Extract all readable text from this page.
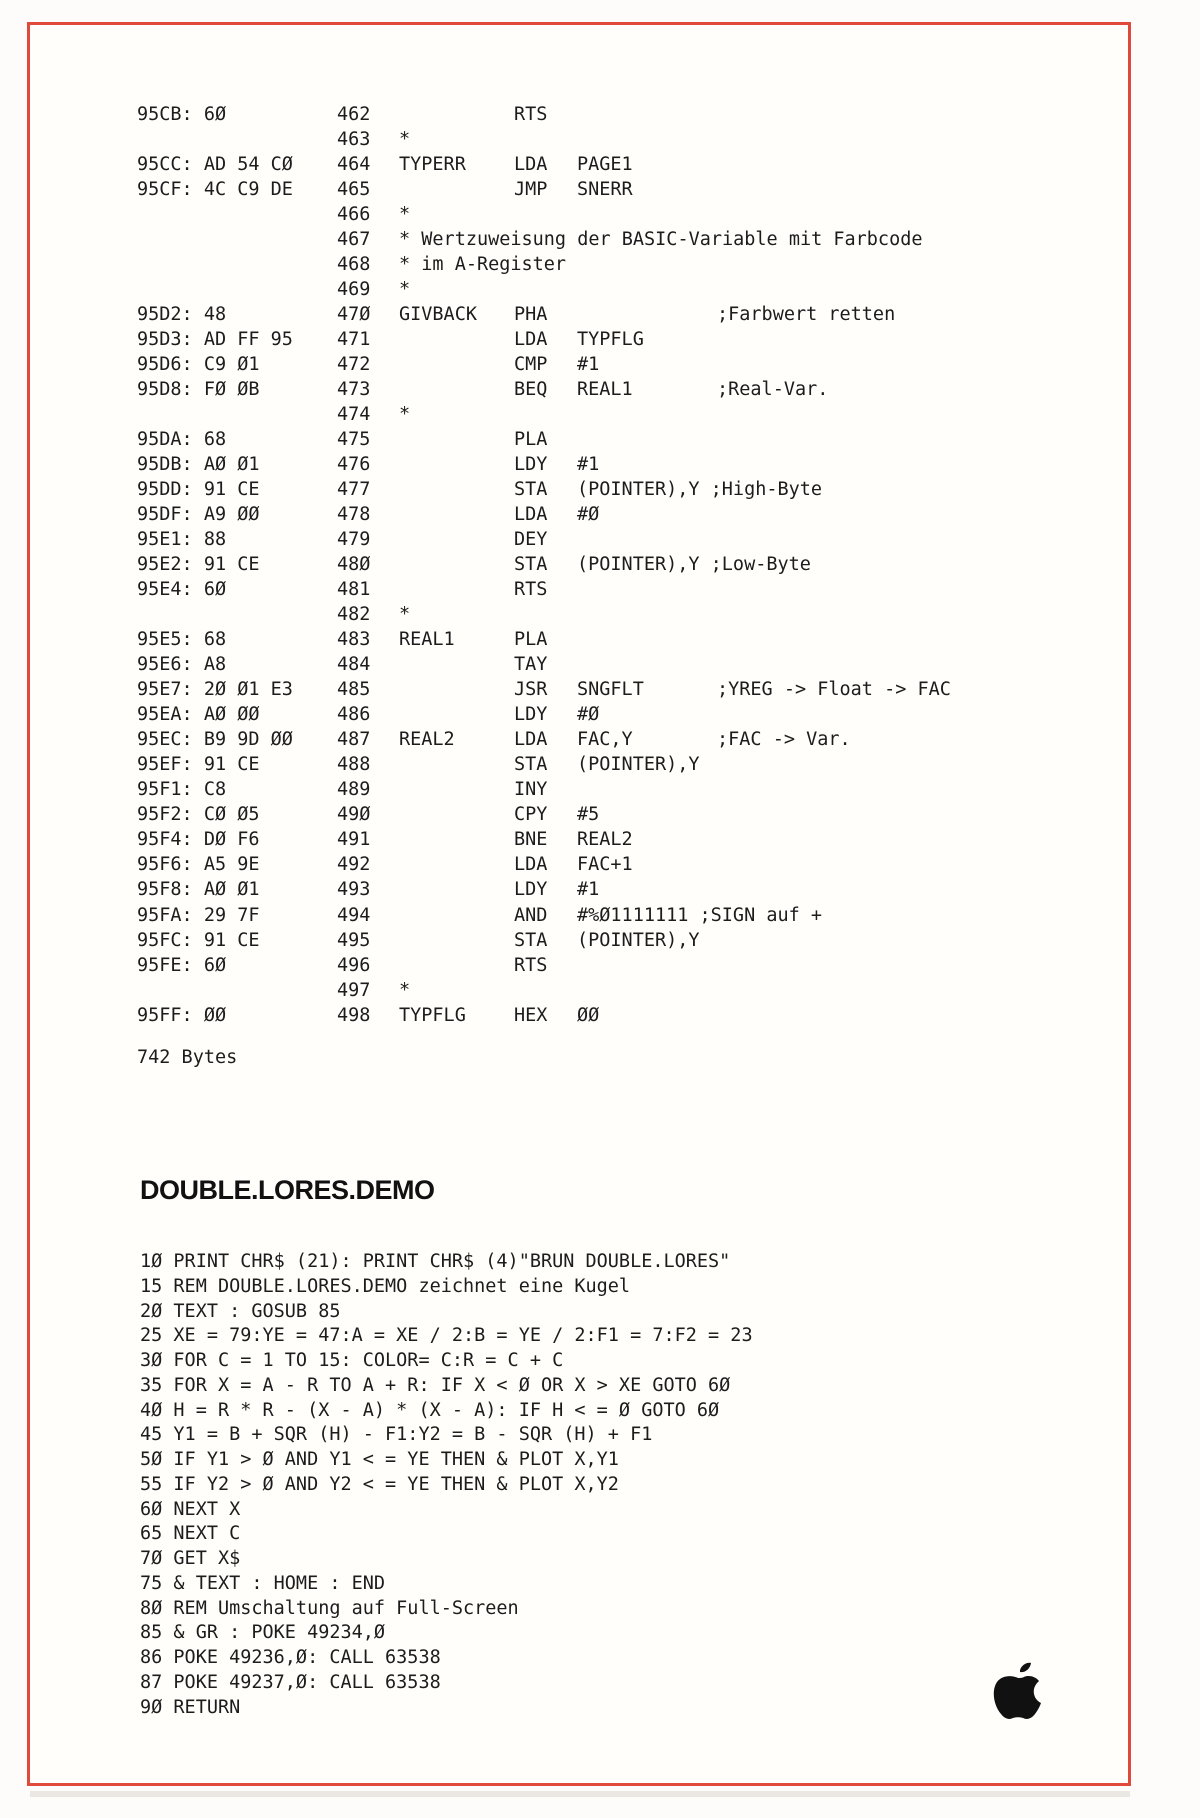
95CB: 6Ø	462	RTS
463 *
95CC: AD 54 CØ 464 TYPERR	LDA PAGE1
95CF: 4C C9 DE 465	JMP SNERR
466 *
467 * Wertzuweisung der BASIC-Variable mit Farbcode
468 * im A-Register
469 *
95D2: 48	47Ø GIVBACK PHA	;Farbwert retten
95D3: AD FF 95 471	LDA TYPFLG
95D6: C9 Ø1	472	CMP #1
95D8: FØ ØB	473	BEQ REAL1	;Real-Var.
474 *
95DA: 68	475	PLA
95DB: AØ Ø1	476	LDY #1
95DD: 91 CE	477	STA (POINTER),Y ;High-Byte
95DF: A9 ØØ	478	LDA #Ø
95E1: 88	479	DEY
95E2: 91 CE	48Ø	STA (POINTER),Y ;Low-Byte
95E4: 6Ø	481	RTS
482 *
95E5: 68	483 REAL1	PLA
95E6: A8	484	TAY
95E7: 2Ø Ø1 E3 485	JSR SNGFLT	;YREG -> Float -> FAC
95EA: AØ ØØ	486	LDY #Ø
95EC: B9 9D ØØ 487 REAL2	LDA FAC,Y	;FAC -> Var.
95EF: 91 CE	488	STA (POINTER),Y
95F1: C8	489	INY
95F2: CØ Ø5	49Ø	CPY #5
95F4: DØ F6	491	BNE REAL2
95F6: A5 9E	492	LDA FAC+1
95F8: AØ Ø1	493	LDY #1
95FA: 29 7F	494	AND #%Ø1111111 ;SIGN auf +
95FC: 91 CE	495	STA (POINTER),Y
95FE: 6Ø	496	RTS
497 *
95FF: ØØ	498 TYPFLG	HEX ØØ
742 Bytes
DOUBLE.LORES.DEMO
1Ø PRINT CHR$ (21): PRINT CHR$ (4)"BRUN DOUBLE.LORES"
15 REM DOUBLE.LORES.DEMO zeichnet eine Kugel
2Ø TEXT : GOSUB 85
25 XE = 79:YE = 47:A = XE / 2:B = YE / 2:F1 = 7:F2 = 23
3Ø FOR C = 1 TO 15: COLOR= C:R = C + C
35 FOR X = A - R TO A + R: IF X < Ø OR X > XE GOTO 6Ø
4Ø H = R * R - (X - A) * (X - A): IF H < = Ø GOTO 6Ø
45 Y1 = B + SQR (H) - F1:Y2 = B - SQR (H) + F1
5Ø IF Y1 > Ø AND Y1 < = YE THEN & PLOT X,Y1
55 IF Y2 > Ø AND Y2 < = YE THEN & PLOT X,Y2
6Ø NEXT X
65 NEXT C
7Ø GET X$
75 & TEXT : HOME : END
8Ø REM Umschaltung auf Full-Screen
85 & GR : POKE 49234,Ø
86 POKE 49236,Ø: CALL 63538
87 POKE 49237,Ø: CALL 63538
9Ø RETURN
